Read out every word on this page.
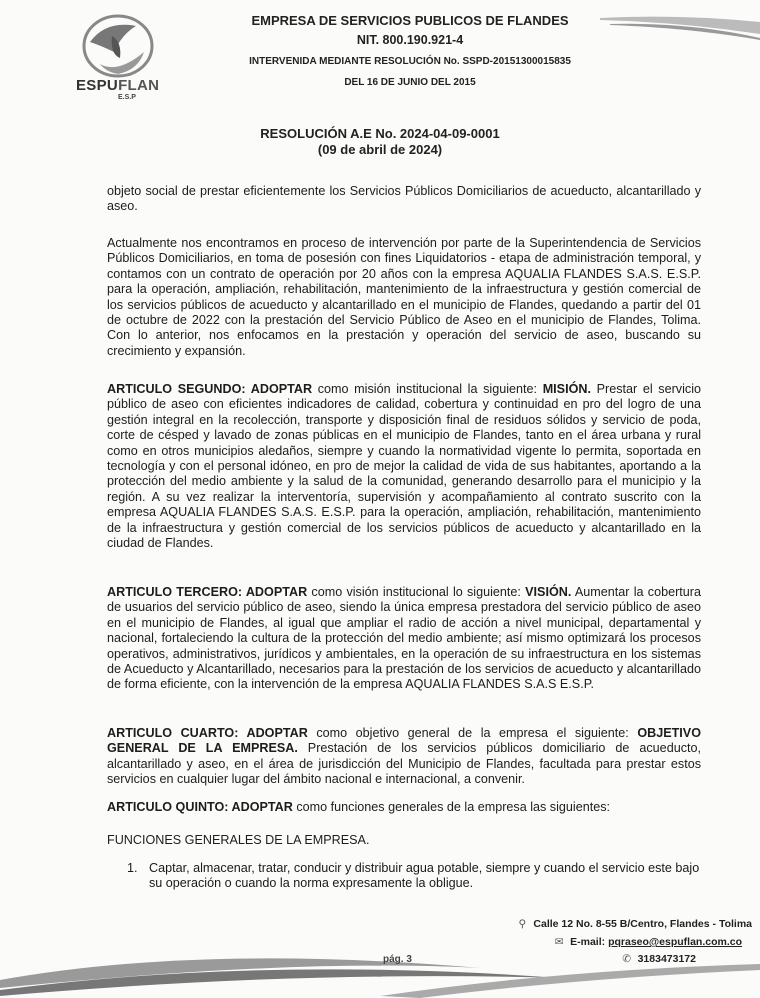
ESPUFLAN
E.S.P
EMPRESA DE SERVICIOS PUBLICOS DE FLANDES
NIT. 800.190.921-4
INTERVENIDA MEDIANTE RESOLUCIÓN No. SSPD-20151300015835
DEL 16 DE JUNIO DEL 2015
RESOLUCIÓN A.E No. 2024-04-09-0001
(09 de abril de 2024)

objeto social de prestar eficientemente los Servicios Públicos Domiciliarios de acueducto, alcantarillado y aseo.

Actualmente nos encontramos en proceso de intervención por parte de la Superintendencia de Servicios Públicos Domiciliarios, en toma de posesión con fines Liquidatorios - etapa de administración temporal, y contamos con un contrato de operación por 20 años con la empresa AQUALIA FLANDES S.A.S. E.S.P. para la operación, ampliación, rehabilitación, mantenimiento de la infraestructura y gestión comercial de los servicios públicos de acueducto y alcantarillado en el municipio de Flandes, quedando a partir del 01 de octubre de 2022 con la prestación del Servicio Público de Aseo en el municipio de Flandes, Tolima. Con lo anterior, nos enfocamos en la prestación y operación del servicio de aseo, buscando su crecimiento y expansión.

ARTICULO SEGUNDO: ADOPTAR como misión institucional la siguiente: MISIÓN. Prestar el servicio público de aseo con eficientes indicadores de calidad, cobertura y continuidad en pro del logro de una gestión integral en la recolección, transporte y disposición final de residuos sólidos y servicio de poda, corte de césped y lavado de zonas públicas en el municipio de Flandes, tanto en el área urbana y rural como en otros municipios aledaños, siempre y cuando la normatividad vigente lo permita, soportada en tecnología y con el personal idóneo, en pro de mejor la calidad de vida de sus habitantes, aportando a la protección del medio ambiente y la salud de la comunidad, generando desarrollo para el municipio y la región. A su vez realizar la interventoría, supervisión y acompañamiento al contrato suscrito con la empresa AQUALIA FLANDES S.A.S. E.S.P. para la operación, ampliación, rehabilitación, mantenimiento de la infraestructura y gestión comercial de los servicios públicos de acueducto y alcantarillado en la ciudad de Flandes.

ARTICULO TERCERO: ADOPTAR como visión institucional lo siguiente: VISIÓN. Aumentar la cobertura de usuarios del servicio público de aseo, siendo la única empresa prestadora del servicio público de aseo en el municipio de Flandes, al igual que ampliar el radio de acción a nivel municipal, departamental y nacional, fortaleciendo la cultura de la protección del medio ambiente; así mismo optimizará los procesos operativos, administrativos, jurídicos y ambientales, en la operación de su infraestructura en los sistemas de Acueducto y Alcantarillado, necesarios para la prestación de los servicios de acueducto y alcantarillado de forma eficiente, con la intervención de la empresa AQUALIA FLANDES S.A.S E.S.P.

ARTICULO CUARTO: ADOPTAR como objetivo general de la empresa el siguiente: OBJETIVO GENERAL DE LA EMPRESA. Prestación de los servicios públicos domiciliario de acueducto, alcantarillado y aseo, en el área de jurisdicción del Municipio de Flandes, facultada para prestar estos servicios en cualquier lugar del ámbito nacional e internacional, a convenir.

ARTICULO QUINTO: ADOPTAR como funciones generales de la empresa las siguientes:

FUNCIONES GENERALES DE LA EMPRESA.

1. Captar, almacenar, tratar, conducir y distribuir agua potable, siempre y cuando el servicio este bajo su operación o cuando la norma expresamente la obligue.
⚲ Calle 12 No. 8-55 B/Centro, Flandes - Tolima
✉ E-mail: pqraseo@espuflan.com.co
✆ 3183473172
pág. 3
